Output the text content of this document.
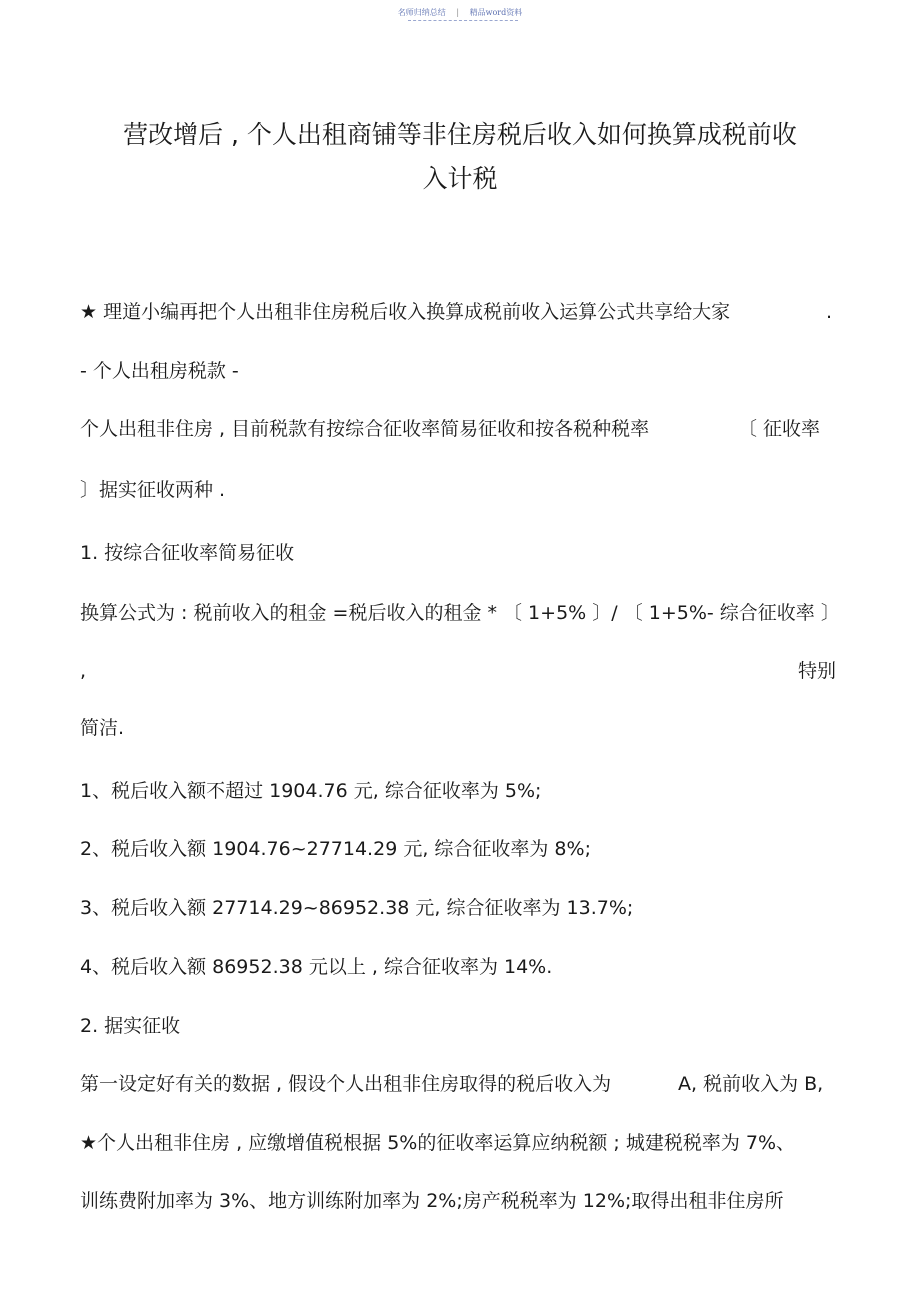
名师归纳总结 | 精品word资料
营改增后 , 个人出租商铺等非住房税后收入如何换算成税前收
入计税
★ 理道小编再把个人出租非住房税后收入换算成税前收入运算公式共享给大家	.
- 个人出租房税款 -
个人出租非住房 , 目前税款有按综合征收率简易征收和按各税种税率	〔 征收率
〕据实征收两种 .
1. 按综合征收率简易征收
换算公式为 : 税前收入的租金 =税后收入的租金 * 〔 1+5% 〕/ 〔 1+5%- 综合征收率 〕
,	特别
简洁.
1、税后收入额不超过 1904.76 元, 综合征收率为 5%;
2、税后收入额 1904.76~27714.29 元, 综合征收率为 8%;
3、税后收入额 27714.29~86952.38 元, 综合征收率为 13.7%;
4、税后收入额 86952.38 元以上 , 综合征收率为 14%.
2. 据实征收
第一设定好有关的数据 , 假设个人出租非住房取得的税后收入为	A, 税前收入为 B,
★个人出租非住房 , 应缴增值税根据 5%的征收率运算应纳税额 ; 城建税税率为 7%、
训练费附加率为 3%、地方训练附加率为 2%;房产税税率为 12%;取得出租非住房所
